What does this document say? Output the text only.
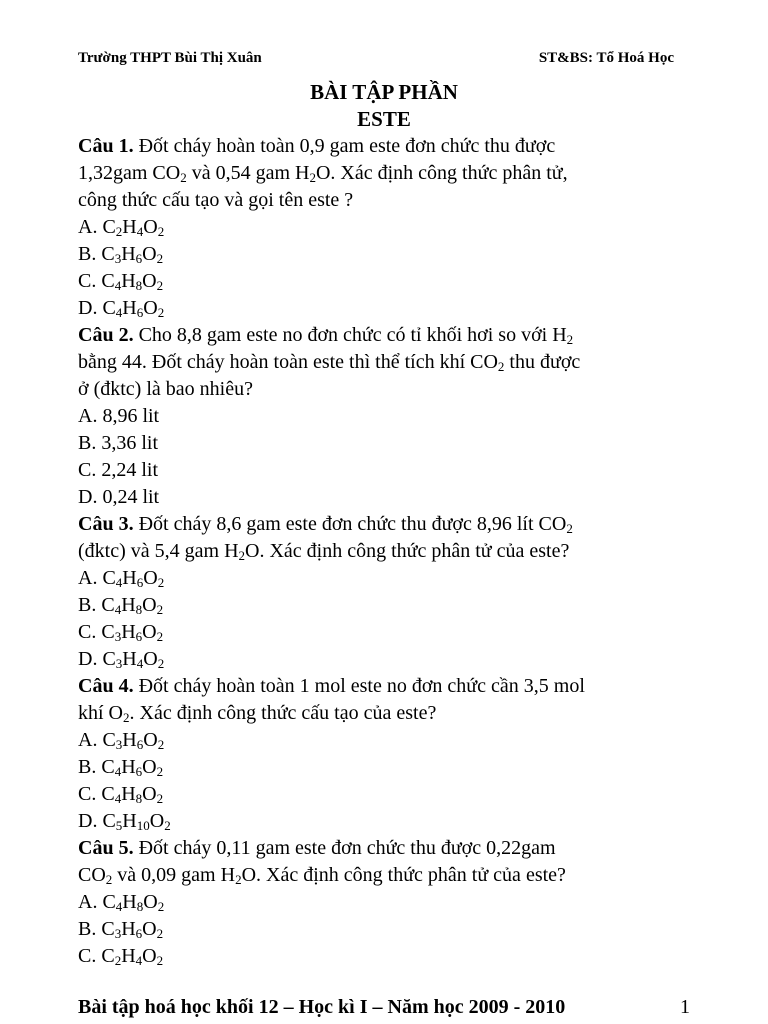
Trường THPT Bùi Thị Xuân	ST&BS: Tổ Hoá Học
BÀI TẬP PHẦN
ESTE
Câu 1. Đốt cháy hoàn toàn 0,9 gam este đơn chức thu được
1,32gam $CO_2$ và 0,54 gam $H_2O$. Xác định công thức phân tử,
công thức cấu tạo và gọi tên este ?
A. $C_2H_4O_2$
B. $C_3H_6O_2$
C. $C_4H_8O_2$
D. $C_4H_6O_2$
Câu 2. Cho 8,8 gam este no đơn chức có tỉ khối hơi so với $H_2$
bằng 44. Đốt cháy hoàn toàn este thì thể tích khí $CO_2$ thu được
ở (đktc) là bao nhiêu?
A. 8,96 lit
B. 3,36 lit
C. 2,24 lit
D. 0,24 lit
Câu 3. Đốt cháy 8,6 gam este đơn chức thu được 8,96 lít $CO_2$
(đktc) và 5,4 gam $H_2O$. Xác định công thức phân tử của este?
A. $C_4H_6O_2$
B. $C_4H_8O_2$
C. $C_3H_6O_2$
D. $C_3H_4O_2$
Câu 4. Đốt cháy hoàn toàn 1 mol este no đơn chức cần 3,5 mol
khí $O_2$. Xác định công thức cấu tạo của este?
A. $C_3H_6O_2$
B. $C_4H_6O_2$
C. $C_4H_8O_2$
D. $C_5H_{10}O_2$
Câu 5. Đốt cháy 0,11 gam este đơn chức thu được 0,22gam
$CO_2$ và 0,09 gam $H_2O$. Xác định công thức phân tử của este?
A. $C_4H_8O_2$
B. $C_3H_6O_2$
C. $C_2H_4O_2$
Bài tập hoá học khối 12 – Học kì I – Năm học 2009 - 2010	1
